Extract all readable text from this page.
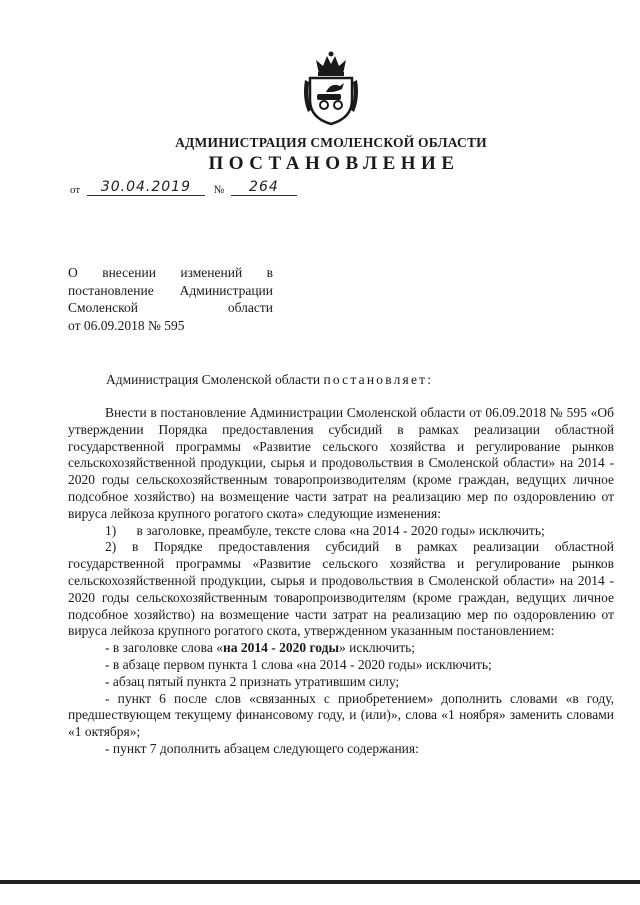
АДМИНИСТРАЦИЯ СМОЛЕНСКОЙ ОБЛАСТИ
ПОСТАНОВЛЕНИЕ
от 30.04.2019 № 264
О внесении изменений в
постановление Администрации
Смоленской области
от 06.09.2018 № 595
Администрация Смоленской области постановляет:

Внести в постановление Администрации Смоленской области от 06.09.2018 № 595 «Об утверждении Порядка предоставления субсидий в рамках реализации областной государственной программы «Развитие сельского хозяйства и регулирование рынков сельскохозяйственной продукции, сырья и продовольствия в Смоленской области» на 2014 - 2020 годы сельскохозяйственным товаропроизводителям (кроме граждан, ведущих личное подсобное хозяйство) на возмещение части затрат на реализацию мер по оздоровлению от вируса лейкоза крупного рогатого скота» следующие изменения:

1)      в заголовке, преамбуле, тексте слова «на 2014 - 2020 годы» исключить;

2) в Порядке предоставления субсидий в рамках реализации областной государственной программы «Развитие сельского хозяйства и регулирование рынков сельскохозяйственной продукции, сырья и продовольствия в Смоленской области» на 2014 - 2020 годы сельскохозяйственным товаропроизводителям (кроме граждан, ведущих личное подсобное хозяйство) на возмещение части затрат на реализацию мер по оздоровлению от вируса лейкоза крупного рогатого скота, утвержденном указанным постановлением:

- в заголовке слова «на 2014 - 2020 годы» исключить;

- в абзаце первом пункта 1 слова «на 2014 - 2020 годы» исключить;

- абзац пятый пункта 2 признать утратившим силу;

- пункт 6 после слов «связанных с приобретением» дополнить словами «в году, предшествующем текущему финансовому году, и (или)», слова «1 ноября» заменить словами «1 октября»;

- пункт 7 дополнить абзацем следующего содержания:
